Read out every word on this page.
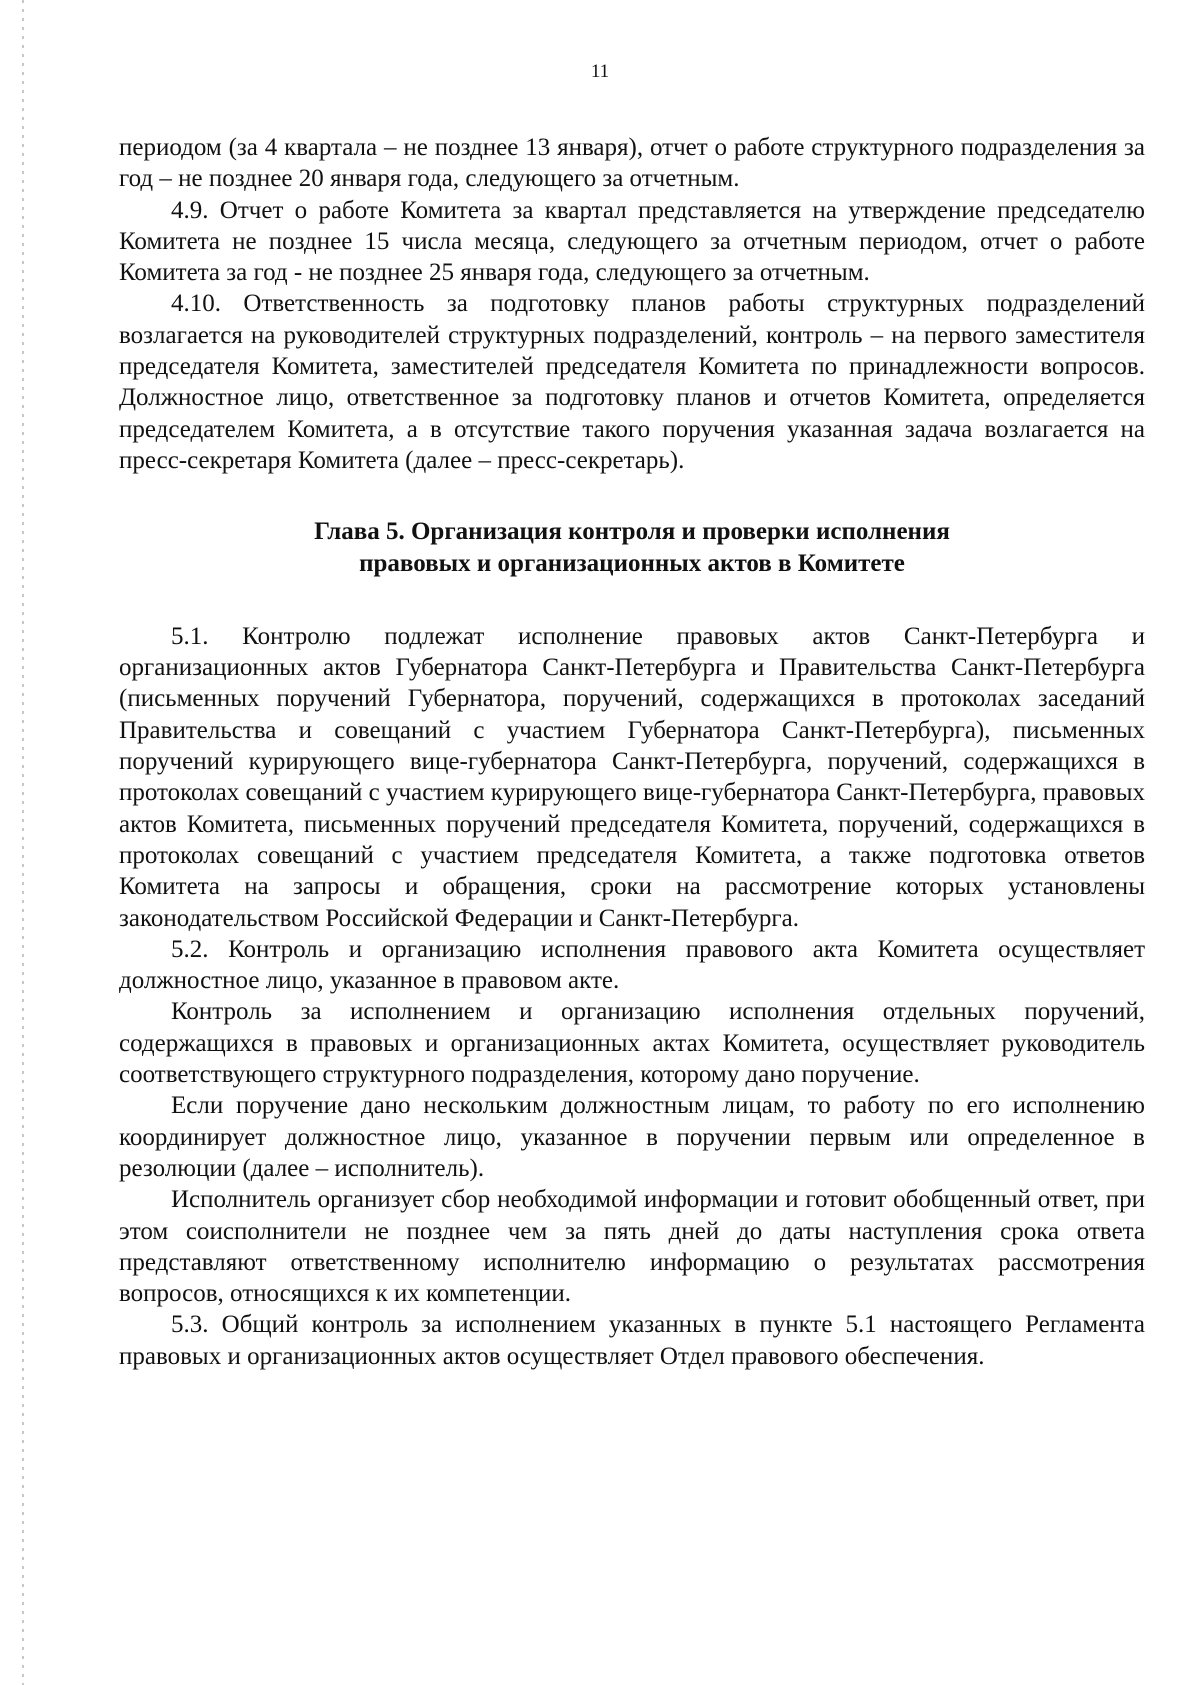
11

периодом (за 4 квартала – не позднее 13 января), отчет о работе структурного подразделения за год – не позднее 20 января года, следующего за отчетным.

4.9. Отчет о работе Комитета за квартал представляется на утверждение председателю Комитета не позднее 15 числа месяца, следующего за отчетным периодом, отчет о работе Комитета за год - не позднее 25 января года, следующего за отчетным.

4.10. Ответственность за подготовку планов работы структурных подразделений возлагается на руководителей структурных подразделений, контроль – на первого заместителя председателя Комитета, заместителей председателя Комитета по принадлежности вопросов. Должностное лицо, ответственное за подготовку планов и отчетов Комитета, определяется председателем Комитета, а в отсутствие такого поручения указанная задача возлагается на пресс-секретаря Комитета (далее – пресс-секретарь).

Глава 5. Организация контроля и проверки исполнения
правовых и организационных актов в Комитете

5.1. Контролю подлежат исполнение правовых актов Санкт-Петербурга и организационных актов Губернатора Санкт-Петербурга и Правительства Санкт-Петербурга (письменных поручений Губернатора, поручений, содержащихся в протоколах заседаний Правительства и совещаний с участием Губернатора Санкт-Петербурга), письменных поручений курирующего вице-губернатора Санкт-Петербурга, поручений, содержащихся в протоколах совещаний с участием курирующего вице-губернатора Санкт-Петербурга, правовых актов Комитета, письменных поручений председателя Комитета, поручений, содержащихся в протоколах совещаний с участием председателя Комитета, а также подготовка ответов Комитета на запросы и обращения, сроки на рассмотрение которых установлены законодательством Российской Федерации и Санкт-Петербурга.

5.2. Контроль и организацию исполнения правового акта Комитета осуществляет должностное лицо, указанное в правовом акте.

Контроль за исполнением и организацию исполнения отдельных поручений, содержащихся в правовых и организационных актах Комитета, осуществляет руководитель соответствующего структурного подразделения, которому дано поручение.

Если поручение дано нескольким должностным лицам, то работу по его исполнению координирует должностное лицо, указанное в поручении первым или определенное в резолюции (далее – исполнитель).

Исполнитель организует сбор необходимой информации и готовит обобщенный ответ, при этом соисполнители не позднее чем за пять дней до даты наступления срока ответа представляют ответственному исполнителю информацию о результатах рассмотрения вопросов, относящихся к их компетенции.

5.3. Общий контроль за исполнением указанных в пункте 5.1 настоящего Регламента правовых и организационных актов осуществляет Отдел правового обеспечения.
